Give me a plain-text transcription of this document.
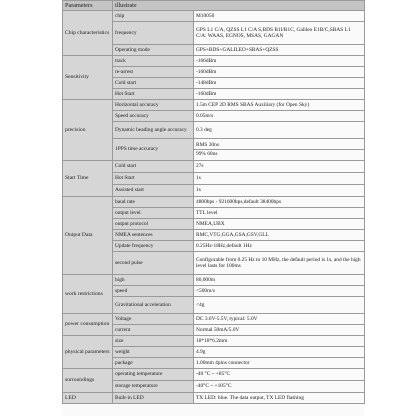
Parameters	illustrate	
Chip characteristics	chip	M10050
	frequency	GPS L1 C/A, QZSS L1 C/A S,BDS B1I/B1C, Galileo E1B/C,SBAS L1 C/A: WAAS, EGNOS, MSAS, GAGAN
	Operating mode	GPS+BDS+GALILEO+SBAS+QZSS
Sensitivity	track	-166dBm
	re-arrest	-160dBm
	Cold start	-148dBm
	Hot Start	-160dBm
precision	Horizontal accuracy	1.5m CEP 2D RMS SBAS Auxiliary (for Open Sky)
	Speed accuracy	0.05m/s
	Dynamic heading angle accuracy	0.3 deg
	1PPS time accuracy	RMS 30ns
99% 60ns

Start Time	Cold start	27s
	Hot Start	1s
	Assisted start	1s
Output Data	baud rate	4800bps - 921600bps,default 38400bps
	output level	TTL level
	output protocol	NMEA,UBX
	NMEA sentences	RMC,VTG,GGA,GSA,GSV,GLL
	Update frequency	0.25Hz-18Hz,default 1Hz
	second pulse	Configurable from 0.25 Hz to 10 MHz, the default period is 1s, and the high level lasts for 100ms
work restrictions	high	80,000m
	speed	<500m/s
	Gravitational acceleration	<4g
power consumption	Voltage	DC 3.6V-5.5V, typical: 5.0V
	current	Normal 50mA/5.0V
physical parameters	size	18*18*6.2mm
	weight	4.9g
	package	1.00mm 4pins connector
surroundings	operating temperature	-40 °C ~ +85°C
	storage temperature	-40°C ~ +105°C
LED	Built-in LED	TX LED: blue. The data output, TX LED flashing
